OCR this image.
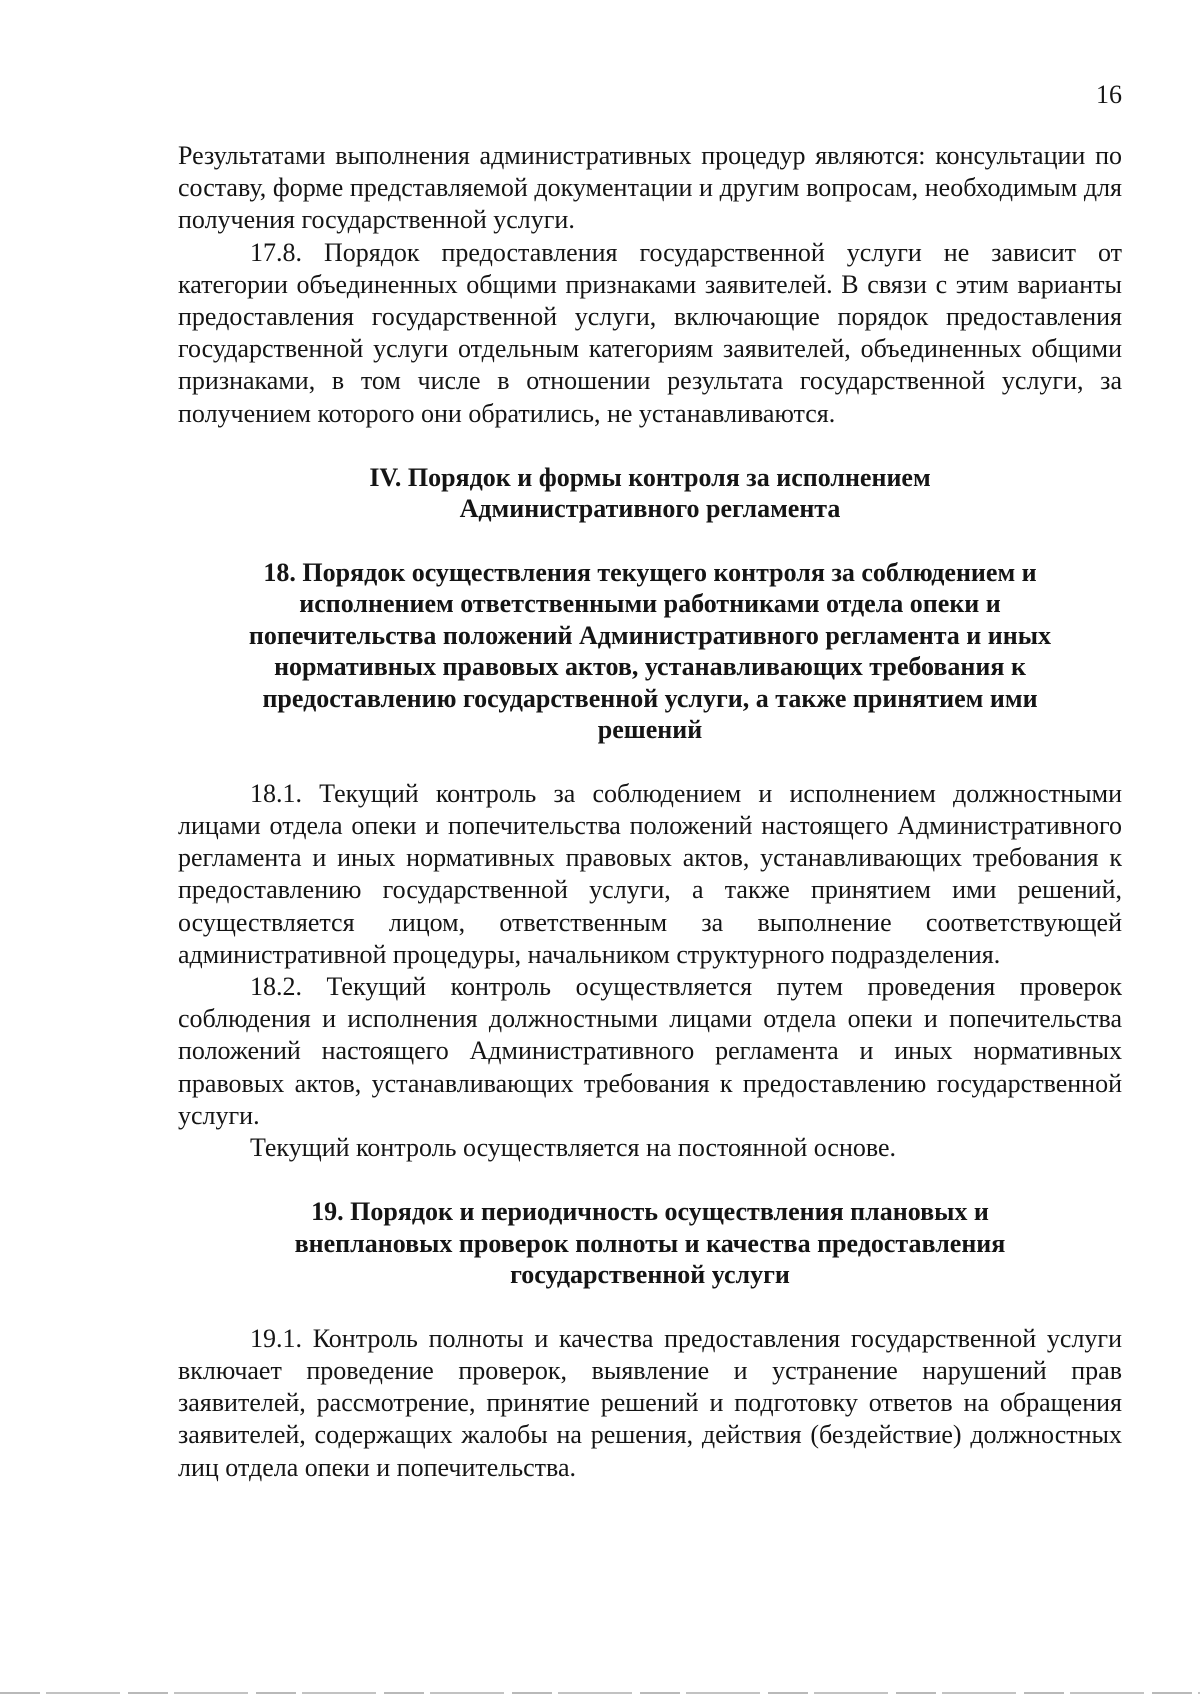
16

Результатами выполнения административных процедур являются: консультации по составу, форме представляемой документации и другим вопросам, необходимым для получения государственной услуги.

17.8. Порядок предоставления государственной услуги не зависит от категории объединенных общими признаками заявителей. В связи с этим варианты предоставления государственной услуги, включающие порядок предоставления государственной услуги отдельным категориям заявителей, объединенных общими признаками, в том числе в отношении результата государственной услуги, за получением которого они обратились, не устанавливаются.

IV. Порядок и формы контроля за исполнением
Административного регламента
18. Порядок осуществления текущего контроля за соблюдением и
исполнением ответственными работниками отдела опеки и
попечительства положений Административного регламента и иных
нормативных правовых актов, устанавливающих требования к
предоставлению государственной услуги, а также принятием ими
решений

18.1. Текущий контроль за соблюдением и исполнением должностными лицами отдела опеки и попечительства положений настоящего Административного регламента и иных нормативных правовых актов, устанавливающих требования к предоставлению государственной услуги, а также принятием ими решений, осуществляется лицом, ответственным за выполнение соответствующей административной процедуры, начальником структурного подразделения.

18.2. Текущий контроль осуществляется путем проведения проверок соблюдения и исполнения должностными лицами отдела опеки и попечительства положений настоящего Административного регламента и иных нормативных правовых актов, устанавливающих требования к предоставлению государственной услуги.

Текущий контроль осуществляется на постоянной основе.

19. Порядок и периодичность осуществления плановых и
внеплановых проверок полноты и качества предоставления
государственной услуги

19.1. Контроль полноты и качества предоставления государственной услуги включает проведение проверок, выявление и устранение нарушений прав заявителей, рассмотрение, принятие решений и подготовку ответов на обращения заявителей, содержащих жалобы на решения, действия (бездействие) должностных лиц отдела опеки и попечительства.
